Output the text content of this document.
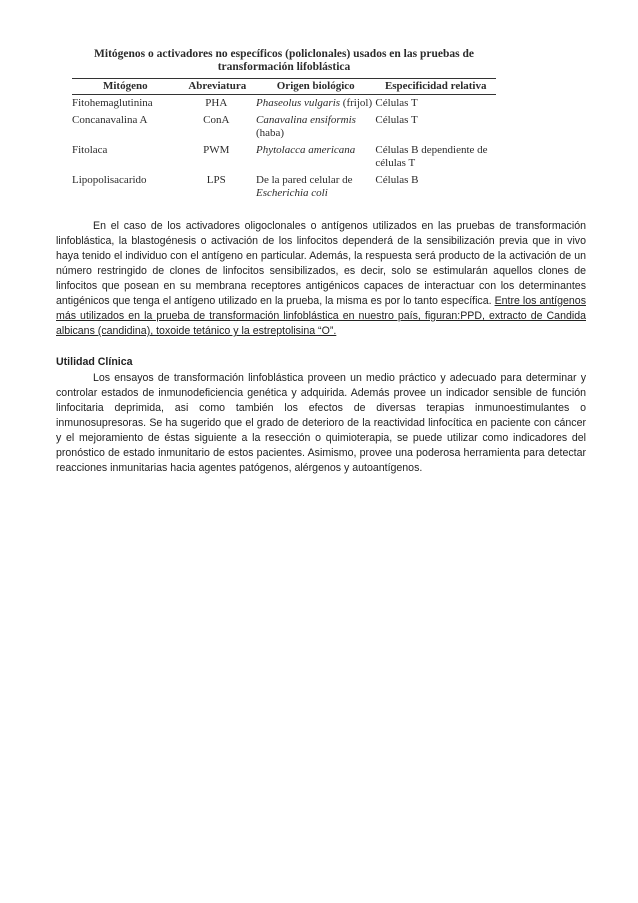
Mitógenos o activadores no específicos (policlonales) usados en las pruebas de
transformación lifoblástica
Mitógeno	Abreviatura	Origen biológico	Especificidad relativa
Fitohemaglutinina	PHA	Phaseolus vulgaris (frijol)	Células T
Concanavalina A	ConA	Canavalina ensiformis (haba)	Células T
Fitolaca	PWM	Phytolacca americana	Células B dependiente de células T
Lipopolisacarido	LPS	De la pared celular de Escherichia coli	Células B

En el caso de los activadores oligoclonales o antígenos utilizados en las pruebas de transformación linfoblástica, la blastogénesis o activación de los linfocitos dependerá de la sensibilización previa que in vivo haya tenido el individuo con el antígeno en particular. Además, la respuesta será producto de la activación de un número restringido de clones de linfocitos sensibilizados, es decir, solo se estimularán aquellos clones de linfocitos que posean en su membrana receptores antigénicos capaces de interactuar con los determinantes antigénicos que tenga el antígeno utilizado en la prueba, la misma es por lo tanto específica. Entre los antígenos más utilizados en la prueba de transformación linfoblástica en nuestro país, figuran:PPD, extracto de Candida albicans (candidina), toxoide tetánico y la estreptolisina “O”.

Utilidad Clínica

Los ensayos de transformación linfoblástica proveen un medio práctico y adecuado para determinar y controlar estados de inmunodeficiencia genética y adquirida. Además provee un indicador sensible de función linfocitaria deprimida, asi como también los efectos de diversas terapias inmunoestimulantes o inmunosupresoras. Se ha sugerido que el grado de deterioro de la reactividad linfocítica en paciente con cáncer y el mejoramiento de éstas siguiente a la resección o quimioterapia, se puede utilizar como indicadores del pronóstico de estado inmunitario de estos pacientes. Asimismo, provee una poderosa herramienta para detectar reacciones inmunitarias hacia agentes patógenos, alérgenos y autoantígenos.
